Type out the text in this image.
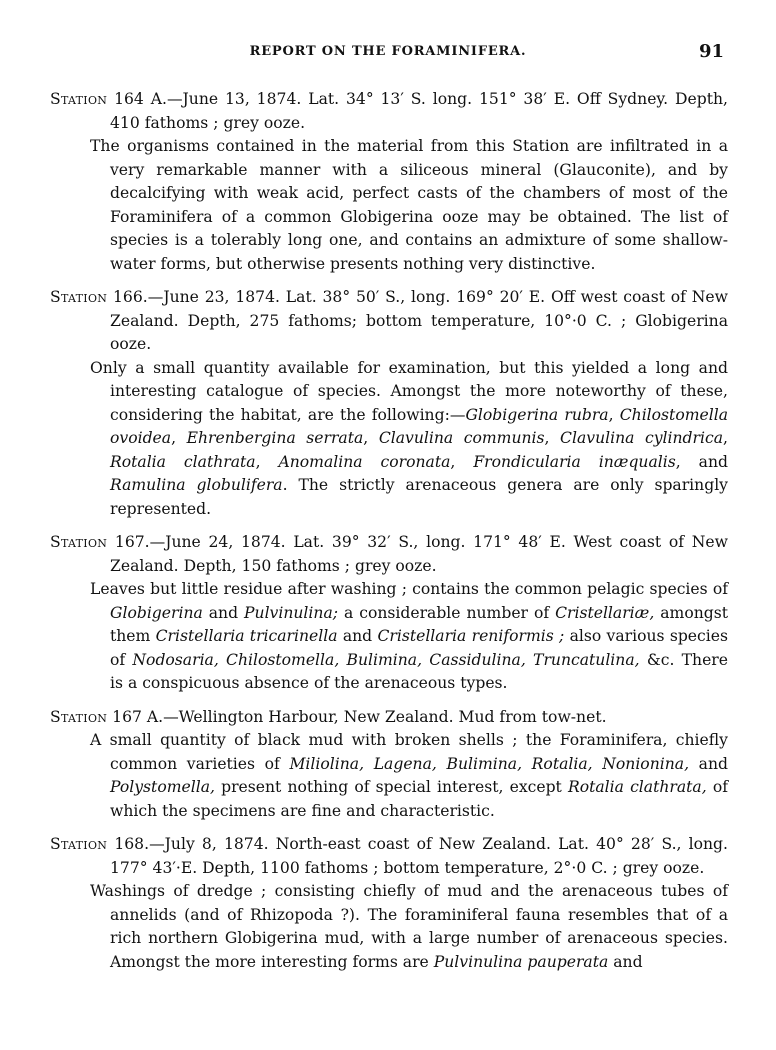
REPORT ON THE FORAMINIFERA.	91
Station 164 A.—June 13, 1874. Lat. 34° 13′ S. long. 151° 38′ E. Off Sydney. Depth, 410 fathoms ; grey ooze.
The organisms contained in the material from this Station are infiltrated in a very remarkable manner with a siliceous mineral (Glauconite), and by decalcifying with weak acid, perfect casts of the chambers of most of the Foraminifera of a common Globigerina ooze may be obtained. The list of species is a tolerably long one, and contains an admixture of some shallow-water forms, but otherwise presents nothing very distinctive.
Station 166.—June 23, 1874. Lat. 38° 50′ S., long. 169° 20′ E. Off west coast of New Zealand. Depth, 275 fathoms; bottom temperature, 10°·0 C. ; Globigerina ooze.
Only a small quantity available for examination, but this yielded a long and interesting catalogue of species. Amongst the more noteworthy of these, considering the habitat, are the following:—Globigerina rubra, Chilostomella ovoidea, Ehrenbergina serrata, Clavulina communis, Clavulina cylindrica, Rotalia clathrata, Anomalina coronata, Frondicularia inæqualis, and Ramulina globulifera. The strictly arenaceous genera are only sparingly represented.
Station 167.—June 24, 1874. Lat. 39° 32′ S., long. 171° 48′ E. West coast of New Zealand. Depth, 150 fathoms ; grey ooze.
Leaves but little residue after washing ; contains the common pelagic species of Globigerina and Pulvinulina; a considerable number of Cristellariæ, amongst them Cristellaria tricarinella and Cristellaria reniformis ; also various species of Nodosaria, Chilostomella, Bulimina, Cassidulina, Truncatulina, &c. There is a conspicuous absence of the arenaceous types.
Station 167 A.—Wellington Harbour, New Zealand. Mud from tow-net.
A small quantity of black mud with broken shells ; the Foraminifera, chiefly common varieties of Miliolina, Lagena, Bulimina, Rotalia, Nonionina, and Polystomella, present nothing of special interest, except Rotalia clathrata, of which the specimens are fine and characteristic.
Station 168.—July 8, 1874. North-east coast of New Zealand. Lat. 40° 28′ S., long. 177° 43′·E. Depth, 1100 fathoms ; bottom temperature, 2°·0 C. ; grey ooze.
Washings of dredge ; consisting chiefly of mud and the arenaceous tubes of annelids (and of Rhizopoda ?). The foraminiferal fauna resembles that of a rich northern Globigerina mud, with a large number of arenaceous species. Amongst the more interesting forms are Pulvinulina pauperata and
